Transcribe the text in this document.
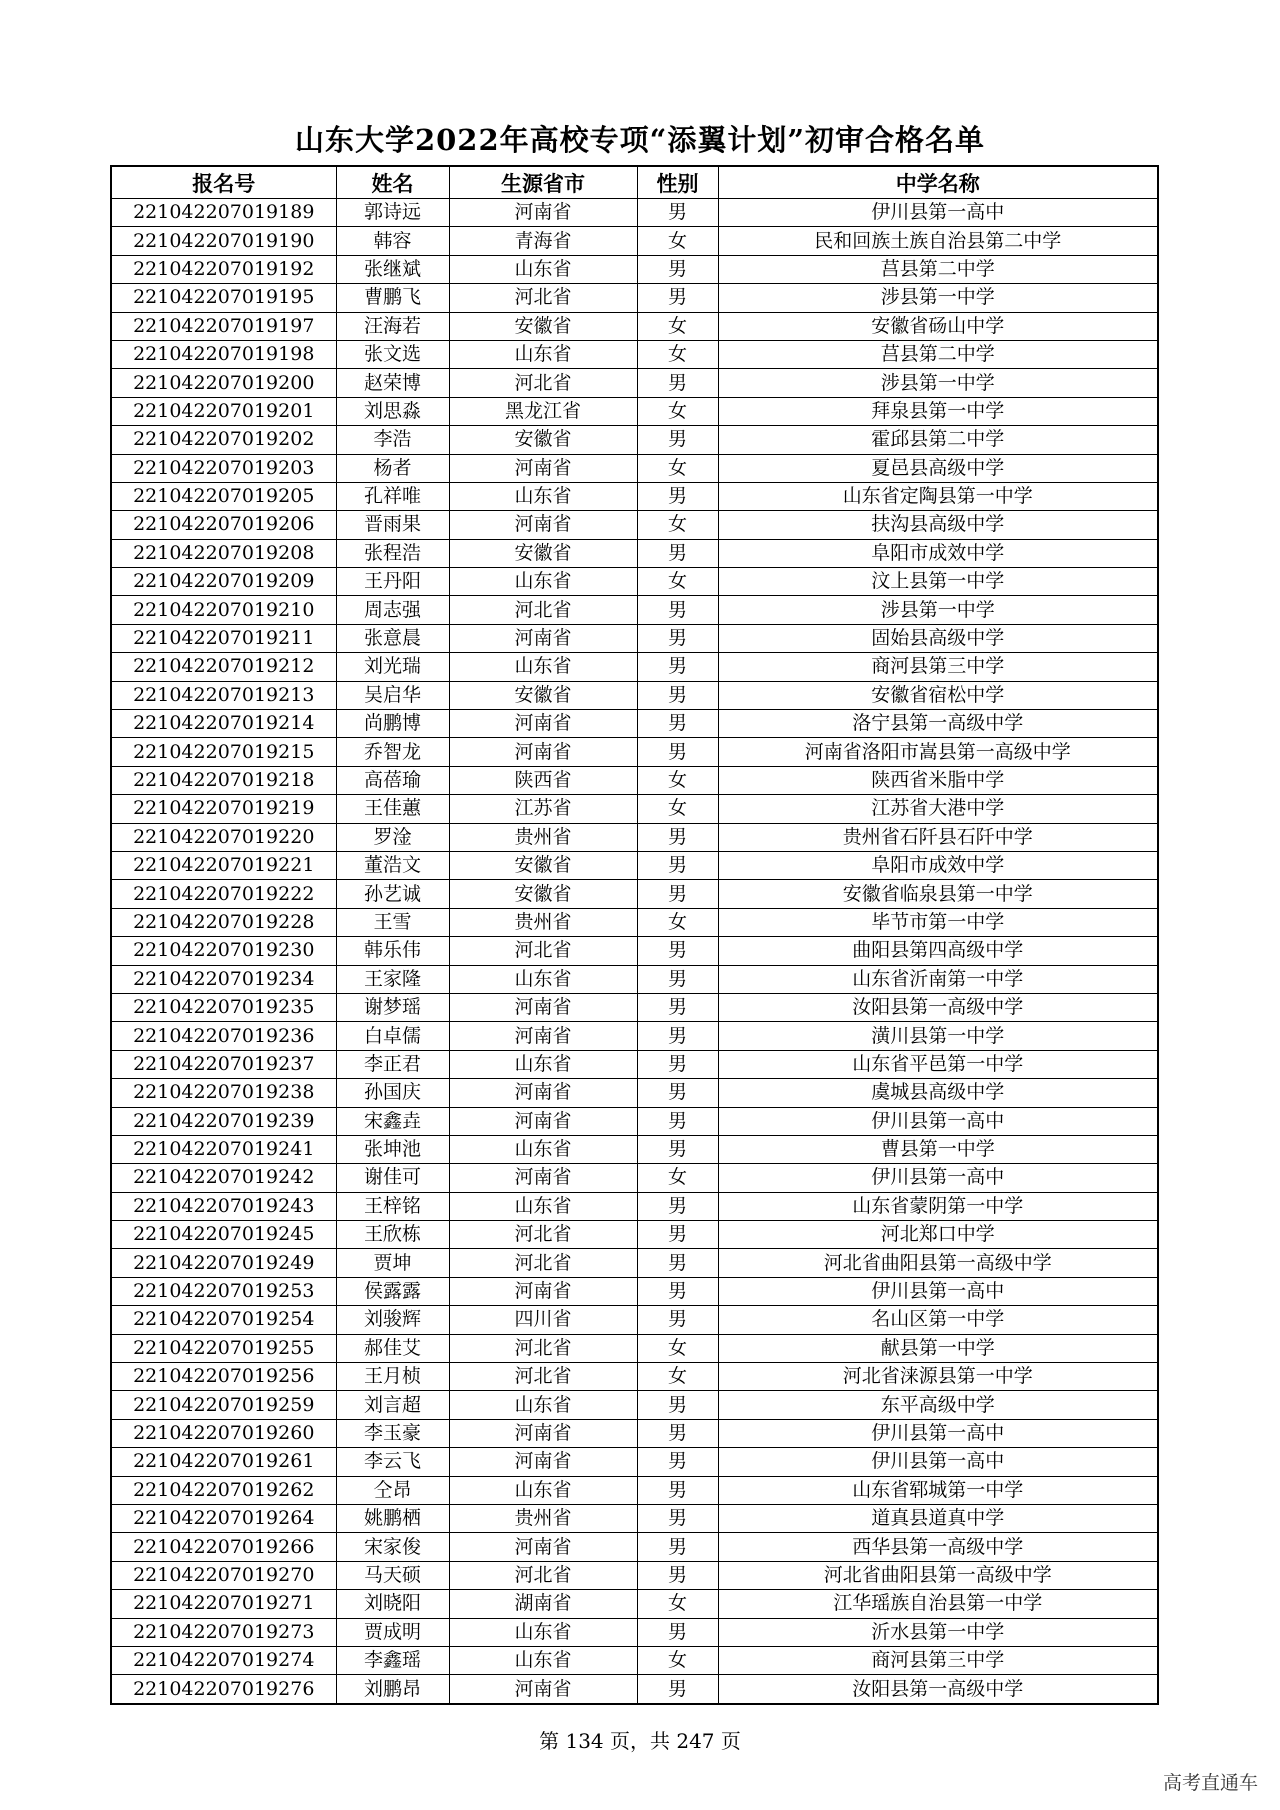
山东大学2022年高校专项“添翼计划”初审合格名单
报名号	姓名	生源省市	性别	中学名称
221042207019189	郭诗远	河南省	男	伊川县第一高中
221042207019190	韩容	青海省	女	民和回族土族自治县第二中学
221042207019192	张继斌	山东省	男	莒县第二中学
221042207019195	曹鹏飞	河北省	男	涉县第一中学
221042207019197	汪海若	安徽省	女	安徽省砀山中学
221042207019198	张文选	山东省	女	莒县第二中学
221042207019200	赵荣博	河北省	男	涉县第一中学
221042207019201	刘思淼	黑龙江省	女	拜泉县第一中学
221042207019202	李浩	安徽省	男	霍邱县第二中学
221042207019203	杨者	河南省	女	夏邑县高级中学
221042207019205	孔祥唯	山东省	男	山东省定陶县第一中学
221042207019206	晋雨果	河南省	女	扶沟县高级中学
221042207019208	张程浩	安徽省	男	阜阳市成效中学
221042207019209	王丹阳	山东省	女	汶上县第一中学
221042207019210	周志强	河北省	男	涉县第一中学
221042207019211	张意晨	河南省	男	固始县高级中学
221042207019212	刘光瑞	山东省	男	商河县第三中学
221042207019213	吴启华	安徽省	男	安徽省宿松中学
221042207019214	尚鹏博	河南省	男	洛宁县第一高级中学
221042207019215	乔智龙	河南省	男	河南省洛阳市嵩县第一高级中学
221042207019218	高蓓瑜	陕西省	女	陕西省米脂中学
221042207019219	王佳蕙	江苏省	女	江苏省大港中学
221042207019220	罗淦	贵州省	男	贵州省石阡县石阡中学
221042207019221	董浩文	安徽省	男	阜阳市成效中学
221042207019222	孙艺诚	安徽省	男	安徽省临泉县第一中学
221042207019228	王雪	贵州省	女	毕节市第一中学
221042207019230	韩乐伟	河北省	男	曲阳县第四高级中学
221042207019234	王家隆	山东省	男	山东省沂南第一中学
221042207019235	谢梦瑶	河南省	男	汝阳县第一高级中学
221042207019236	白卓儒	河南省	男	潢川县第一中学
221042207019237	李正君	山东省	男	山东省平邑第一中学
221042207019238	孙国庆	河南省	男	虞城县高级中学
221042207019239	宋鑫垚	河南省	男	伊川县第一高中
221042207019241	张坤池	山东省	男	曹县第一中学
221042207019242	谢佳可	河南省	女	伊川县第一高中
221042207019243	王梓铭	山东省	男	山东省蒙阴第一中学
221042207019245	王欣栋	河北省	男	河北郑口中学
221042207019249	贾坤	河北省	男	河北省曲阳县第一高级中学
221042207019253	侯露露	河南省	男	伊川县第一高中
221042207019254	刘骏辉	四川省	男	名山区第一中学
221042207019255	郝佳艾	河北省	女	献县第一中学
221042207019256	王月桢	河北省	女	河北省涞源县第一中学
221042207019259	刘言超	山东省	男	东平高级中学
221042207019260	李玉豪	河南省	男	伊川县第一高中
221042207019261	李云飞	河南省	男	伊川县第一高中
221042207019262	仝昂	山东省	男	山东省郓城第一中学
221042207019264	姚鹏栖	贵州省	男	道真县道真中学
221042207019266	宋家俊	河南省	男	西华县第一高级中学
221042207019270	马天硕	河北省	男	河北省曲阳县第一高级中学
221042207019271	刘晓阳	湖南省	女	江华瑶族自治县第一中学
221042207019273	贾成明	山东省	男	沂水县第一中学
221042207019274	李鑫瑶	山东省	女	商河县第三中学
221042207019276	刘鹏昂	河南省	男	汝阳县第一高级中学
第 134 页，共 247 页
高考直通车
